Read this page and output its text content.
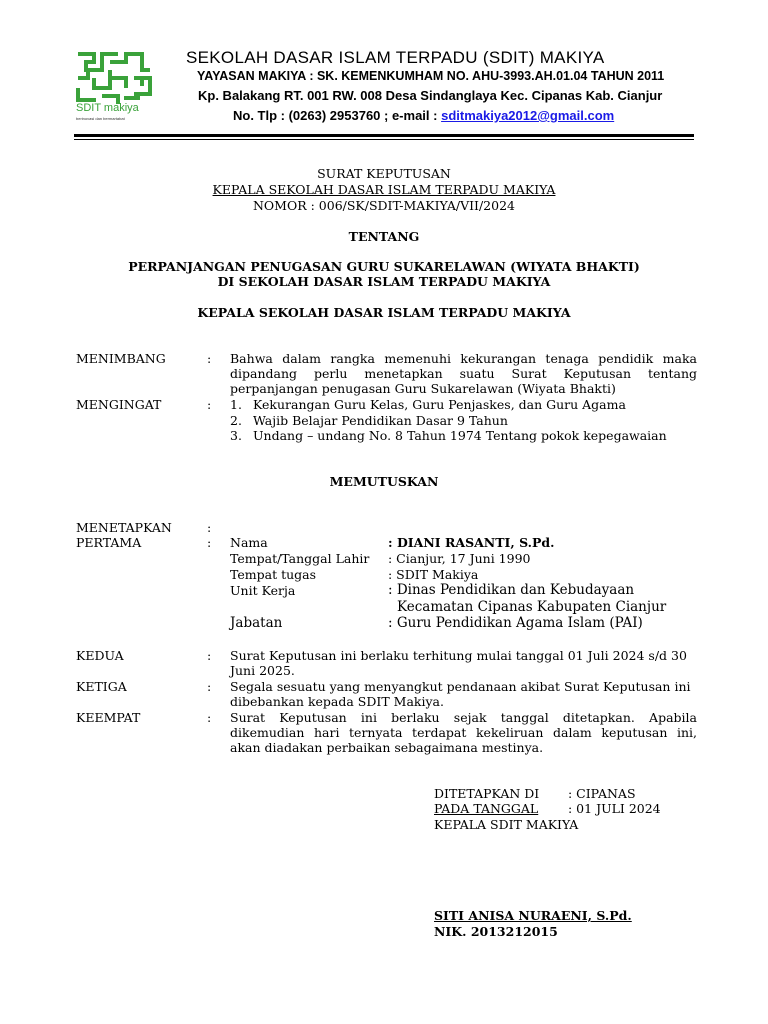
SDIT makiya
berinovasi dan bermartabat
SEKOLAH DASAR ISLAM TERPADU (SDIT) MAKIYA
YAYASAN MAKIYA : SK. KEMENKUMHAM NO. AHU-3993.AH.01.04 TAHUN 2011
Kp. Balakang RT. 001 RW. 008 Desa Sindanglaya Kec. Cipanas Kab. Cianjur
No. Tlp : (0263) 2953760 ; e-mail : sditmakiya2012@gmail.com
SURAT KEPUTUSAN
KEPALA SEKOLAH DASAR ISLAM TERPADU MAKIYA
NOMOR : 006/SK/SDIT-MAKIYA/VII/2024
TENTANG
PERPANJANGAN PENUGASAN GURU SUKARELAWAN (WIYATA BHAKTI)
DI SEKOLAH DASAR ISLAM TERPADU MAKIYA
KEPALA SEKOLAH DASAR ISLAM TERPADU MAKIYA
MENIMBANG	: Bahwa dalam rangka memenuhi kekurangan tenaga pendidik maka
dipandang perlu menetapkan suatu Surat Keputusan tentang
perpanjangan penugasan Guru Sukarelawan (Wiyata Bhakti)
MENGINGAT	: 1. Kekurangan Guru Kelas, Guru Penjaskes, dan Guru Agama
2. Wajib Belajar Pendidikan Dasar 9 Tahun
3. Undang – undang No. 8 Tahun 1974 Tentang pokok kepegawaian
MEMUTUSKAN
MENETAPKAN	:
PERTAMA	: Nama	: DIANI RASANTI, S.Pd.
Tempat/Tanggal Lahir : Cianjur, 17 Juni 1990
Tempat tugas	: SDIT Makiya
Unit Kerja	: Dinas Pendidikan dan Kebudayaan
Kecamatan Cipanas Kabupaten Cianjur
Jabatan	: Guru Pendidikan Agama Islam (PAI)
KEDUA	: Surat Keputusan ini berlaku terhitung mulai tanggal 01 Juli 2024 s/d 30
Juni 2025.
KETIGA	: Segala sesuatu yang menyangkut pendanaan akibat Surat Keputusan ini
dibebankan kepada SDIT Makiya.
KEEMPAT	: Surat Keputusan ini berlaku sejak tanggal ditetapkan. Apabila
dikemudian hari ternyata terdapat kekeliruan dalam keputusan ini,
akan diadakan perbaikan sebagaimana mestinya.
DITETAPKAN DI : CIPANAS
PADA TANGGAL : 01 JULI 2024
KEPALA SDIT MAKIYA
SITI ANISA NURAENI, S.Pd.
NIK. 2013212015
